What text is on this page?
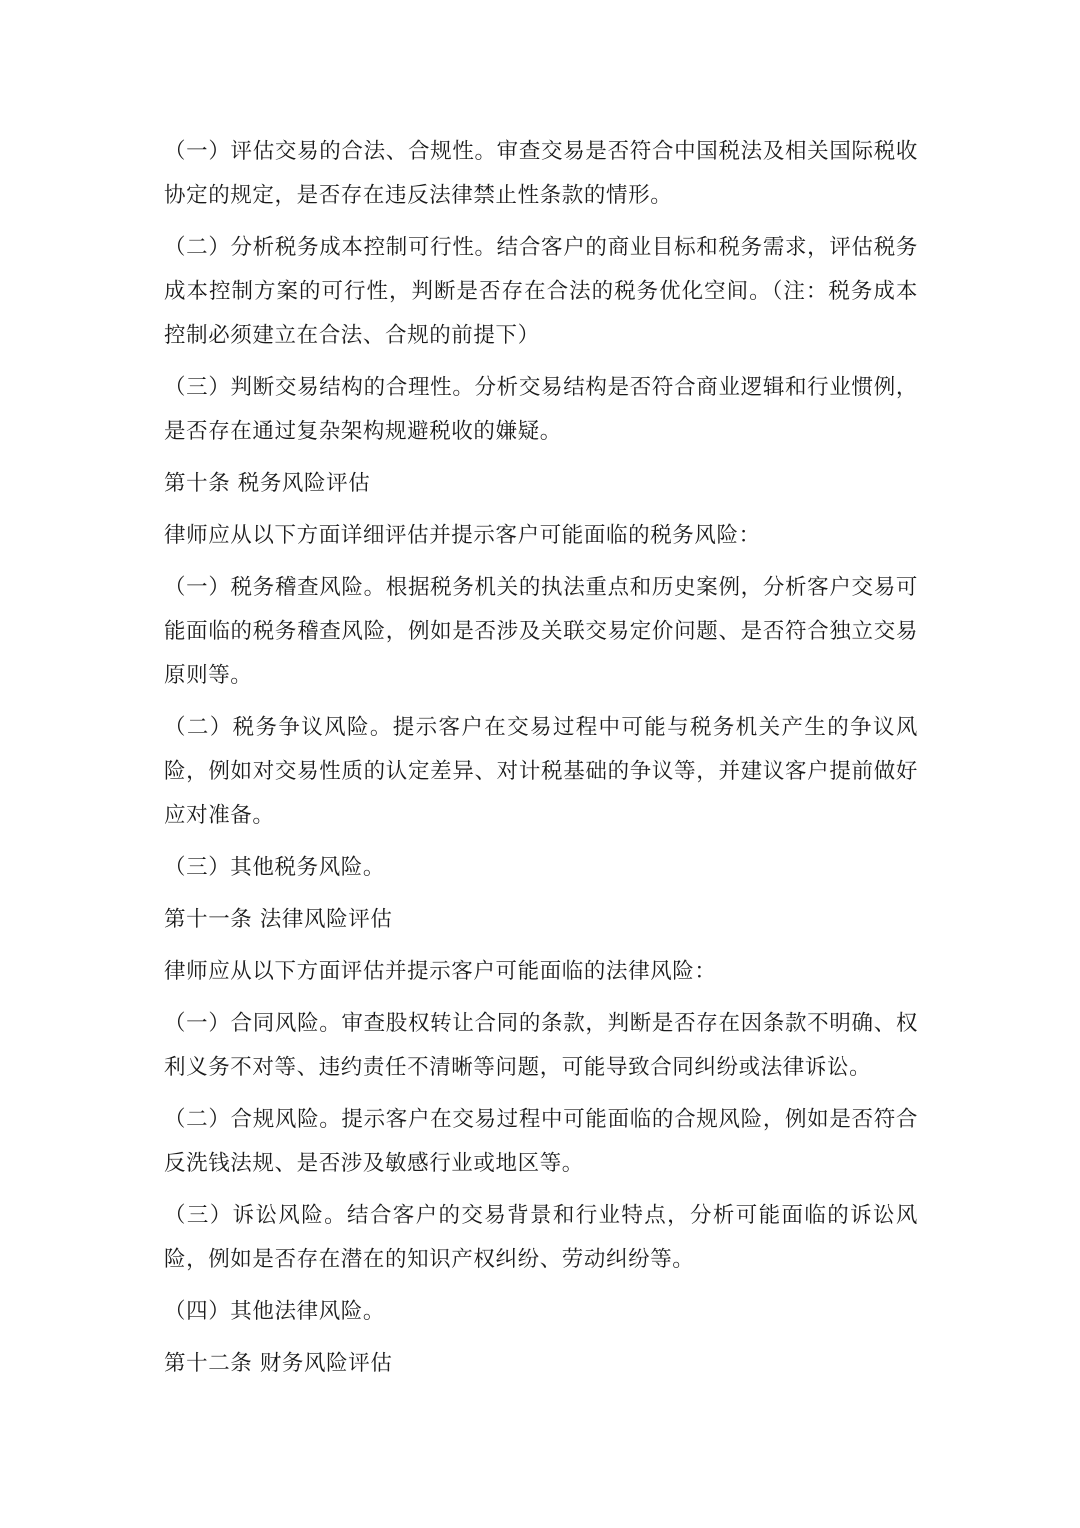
（一）评估交易的合法、合规性。审查交易是否符合中国税法及相关国际税收协定的规定，是否存在违反法律禁止性条款的情形。

（二）分析税务成本控制可行性。结合客户的商业目标和税务需求，评估税务成本控制方案的可行性，判断是否存在合法的税务优化空间。（注：税务成本控制必须建立在合法、合规的前提下）

（三）判断交易结构的合理性。分析交易结构是否符合商业逻辑和行业惯例，是否存在通过复杂架构规避税收的嫌疑。

第十条 税务风险评估

律师应从以下方面详细评估并提示客户可能面临的税务风险：

（一）税务稽查风险。根据税务机关的执法重点和历史案例，分析客户交易可能面临的税务稽查风险，例如是否涉及关联交易定价问题、是否符合独立交易原则等。

（二）税务争议风险。提示客户在交易过程中可能与税务机关产生的争议风险，例如对交易性质的认定差异、对计税基础的争议等，并建议客户提前做好应对准备。

（三）其他税务风险。

第十一条 法律风险评估

律师应从以下方面评估并提示客户可能面临的法律风险：

（一）合同风险。审查股权转让合同的条款，判断是否存在因条款不明确、权利义务不对等、违约责任不清晰等问题，可能导致合同纠纷或法律诉讼。

（二）合规风险。提示客户在交易过程中可能面临的合规风险，例如是否符合反洗钱法规、是否涉及敏感行业或地区等。

（三）诉讼风险。结合客户的交易背景和行业特点，分析可能面临的诉讼风险，例如是否存在潜在的知识产权纠纷、劳动纠纷等。

（四）其他法律风险。

第十二条 财务风险评估
